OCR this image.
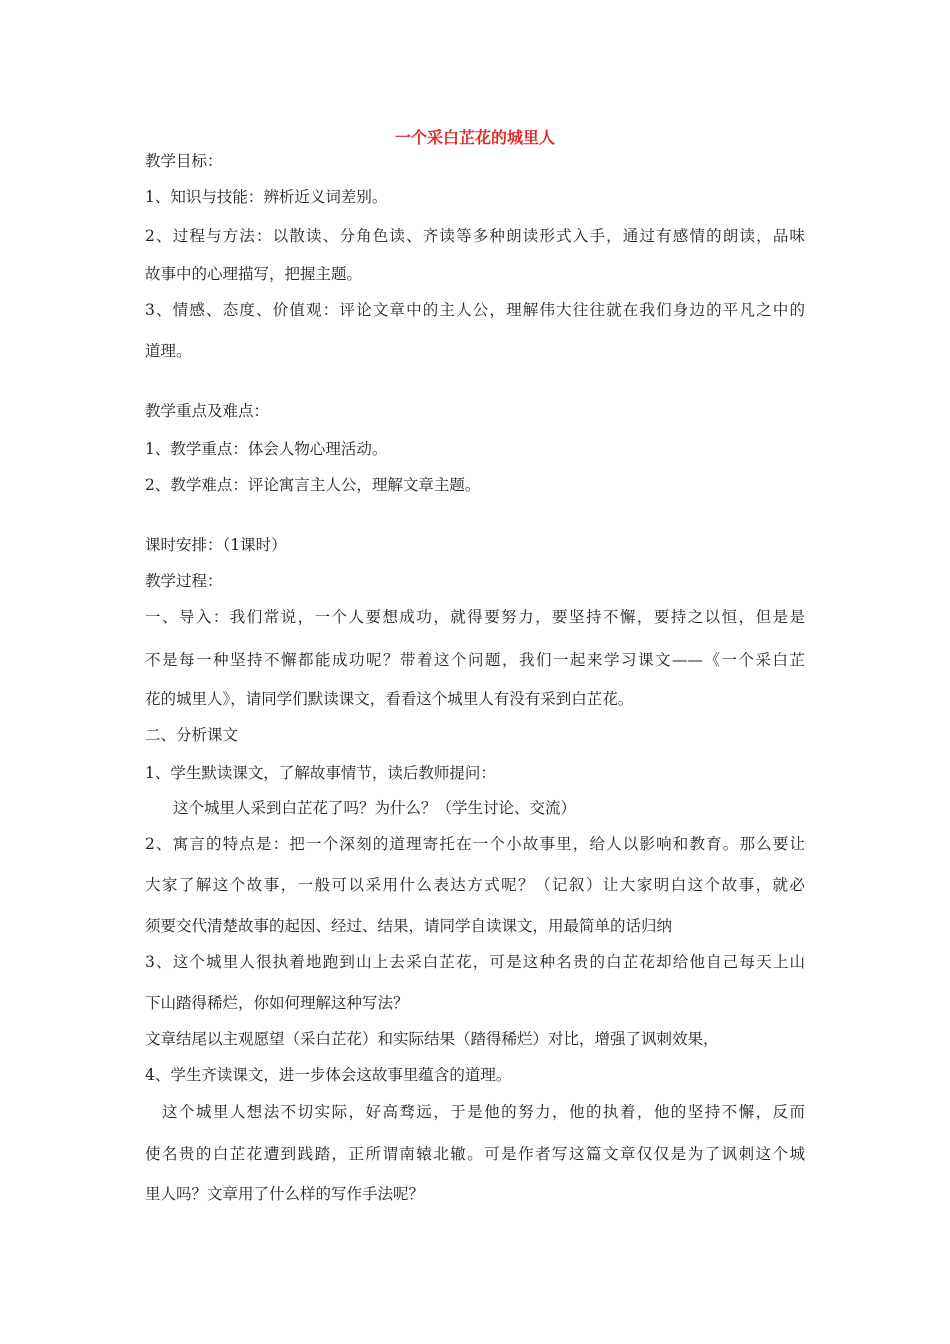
一个采白芷花的城里人
教学目标：
1、知识与技能：辨析近义词差别。
2、过程与方法：以散读、分角色读、齐读等多种朗读形式入手，通过有感情的朗读，品味
故事中的心理描写，把握主题。
3、情感、态度、价值观：评论文章中的主人公，理解伟大往往就在我们身边的平凡之中的
道理。
教学重点及难点：
1、教学重点：体会人物心理活动。
2、教学难点：评论寓言主人公，理解文章主题。
课时安排：（1课时）
教学过程：
一、导入：我们常说，一个人要想成功，就得要努力，要坚持不懈，要持之以恒，但是是
不是每一种坚持不懈都能成功呢？带着这个问题，我们一起来学习课文——《一个采白芷
花的城里人》，请同学们默读课文，看看这个城里人有没有采到白芷花。
二、分析课文
1、学生默读课文，了解故事情节，读后教师提问：
这个城里人采到白芷花了吗？为什么？（学生讨论、交流）
2、寓言的特点是：把一个深刻的道理寄托在一个小故事里，给人以影响和教育。那么要让
大家了解这个故事，一般可以采用什么表达方式呢？（记叙）让大家明白这个故事，就必
须要交代清楚故事的起因、经过、结果，请同学自读课文，用最简单的话归纳
3、这个城里人很执着地跑到山上去采白芷花，可是这种名贵的白芷花却给他自己每天上山
下山踏得稀烂，你如何理解这种写法？
文章结尾以主观愿望（采白芷花）和实际结果（踏得稀烂）对比，增强了讽刺效果，
4、学生齐读课文，进一步体会这故事里蕴含的道理。
这个城里人想法不切实际，好高骛远，于是他的努力，他的执着，他的坚持不懈，反而
使名贵的白芷花遭到践踏，正所谓南辕北辙。可是作者写这篇文章仅仅是为了讽刺这个城
里人吗？文章用了什么样的写作手法呢？
